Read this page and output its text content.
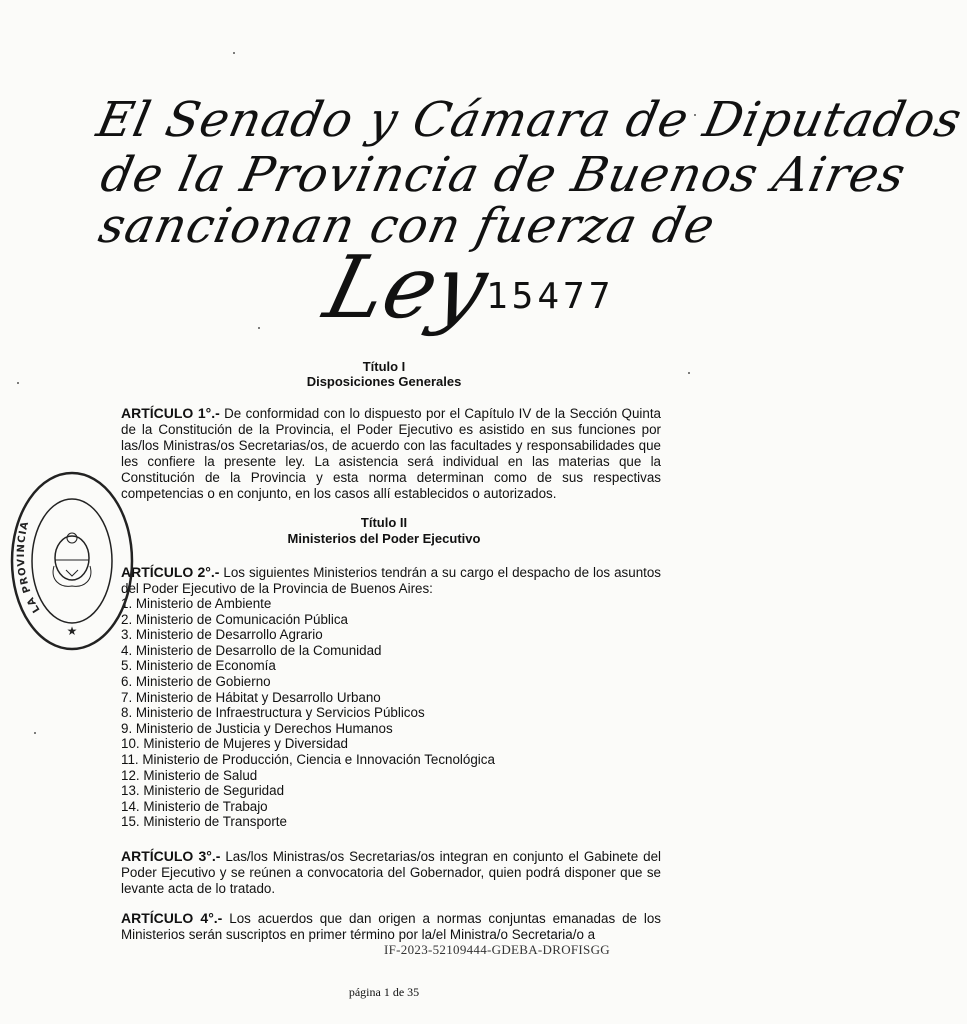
El Senado y Cámara de Diputados
de la Provincia de Buenos Aires
sancionan con fuerza de
Ley
15477
Título I
Disposiciones Generales
ARTÍCULO 1°.- De conformidad con lo dispuesto por el Capítulo IV de la Sección Quinta de la Constitución de la Provincia, el Poder Ejecutivo es asistido en sus funciones por las/los Ministras/os Secretarias/os, de acuerdo con las facultades y responsabilidades que les confiere la presente ley. La asistencia será individual en las materias que la Constitución de la Provincia y esta norma determinan como de sus respectivas competencias o en conjunto, en los casos allí establecidos o autorizados.
Título II
Ministerios del Poder Ejecutivo
ARTÍCULO 2°.- Los siguientes Ministerios tendrán a su cargo el despacho de los asuntos del Poder Ejecutivo de la Provincia de Buenos Aires:
1. Ministerio de Ambiente
2. Ministerio de Comunicación Pública
3. Ministerio de Desarrollo Agrario
4. Ministerio de Desarrollo de la Comunidad
5. Ministerio de Economía
6. Ministerio de Gobierno
7. Ministerio de Hábitat y Desarrollo Urbano
8. Ministerio de Infraestructura y Servicios Públicos
9. Ministerio de Justicia y Derechos Humanos
10. Ministerio de Mujeres y Diversidad
11. Ministerio de Producción, Ciencia e Innovación Tecnológica
12. Ministerio de Salud
13. Ministerio de Seguridad
14. Ministerio de Trabajo
15. Ministerio de Transporte
ARTÍCULO 3°.- Las/los Ministras/os Secretarias/os integran en conjunto el Gabinete del Poder Ejecutivo y se reúnen a convocatoria del Gobernador, quien podrá disponer que se levante acta de lo tratado.
ARTÍCULO 4°.- Los acuerdos que dan origen a normas conjuntas emanadas de los Ministerios serán suscriptos en primer término por la/el Ministra/o Secretaria/o a
IF-2023-52109444-GDEBA-DROFISGG
página 1 de 35
LA PROVINCIA
★
